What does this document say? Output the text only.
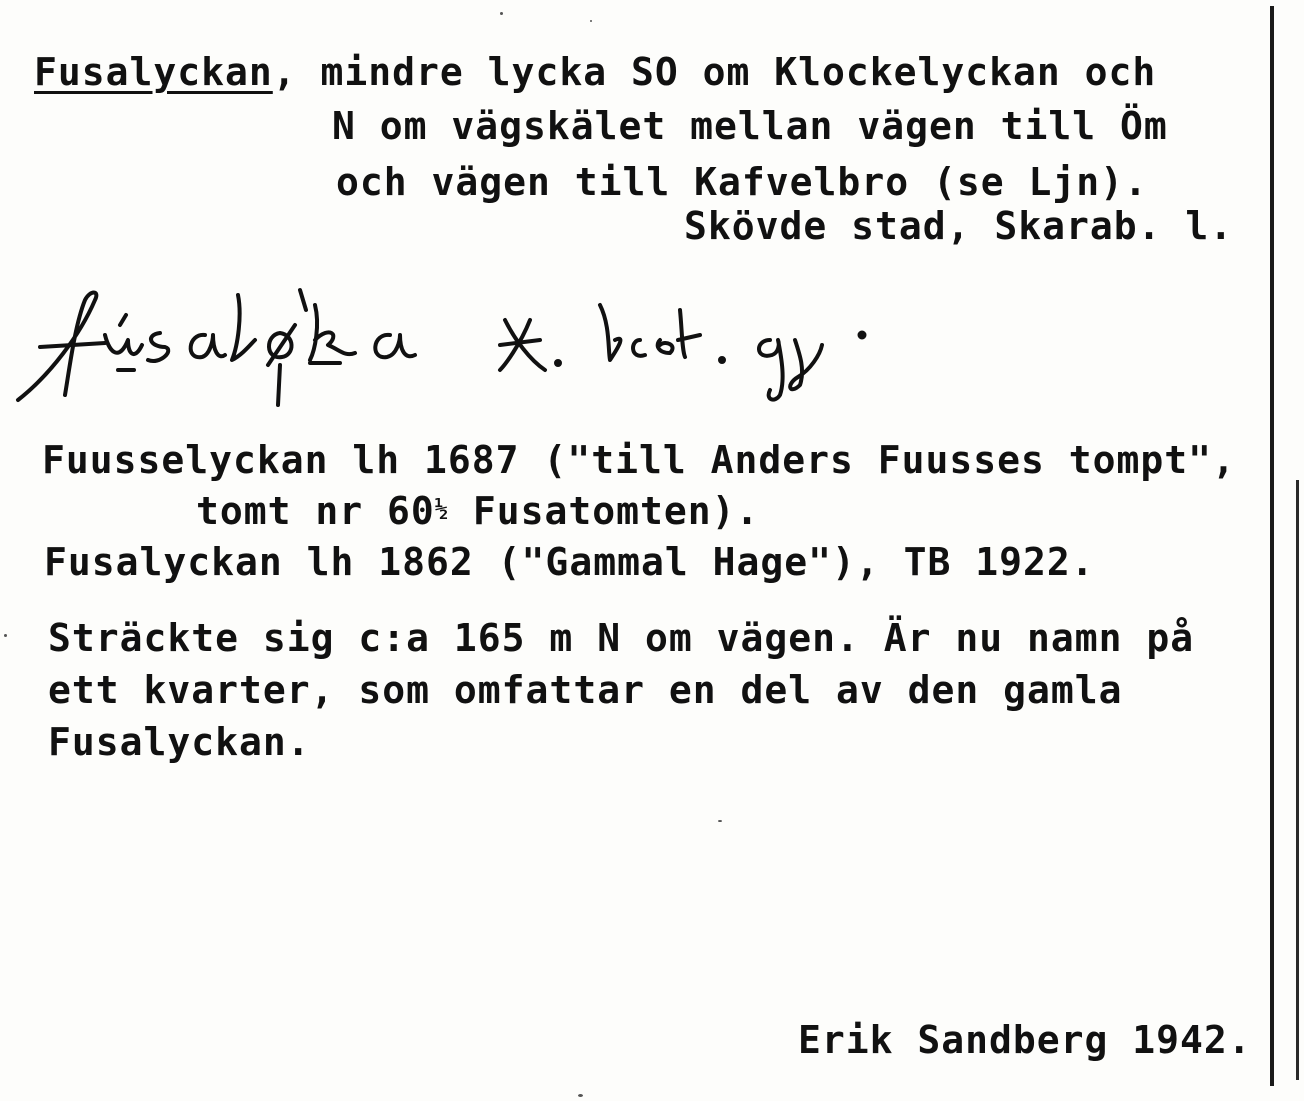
Fusalyckan, mindre lycka SO om Klockelyckan och
N om vägskälet mellan vägen till Öm
och vägen till Kafvelbro (se Ljn).
Skövde stad, Skarab. l.
Fuusselyckan lh 1687 ("till Anders Fuusses tompt",
tomt nr $60^{\frac{1}{2}}$ Fusatomten).
Fusalyckan lh 1862 ("Gammal Hage"), TB 1922.
Sträckte sig c:a 165 m N om vägen. Är nu namn på
ett kvarter, som omfattar en del av den gamla
Fusalyckan.
Erik Sandberg 1942.
